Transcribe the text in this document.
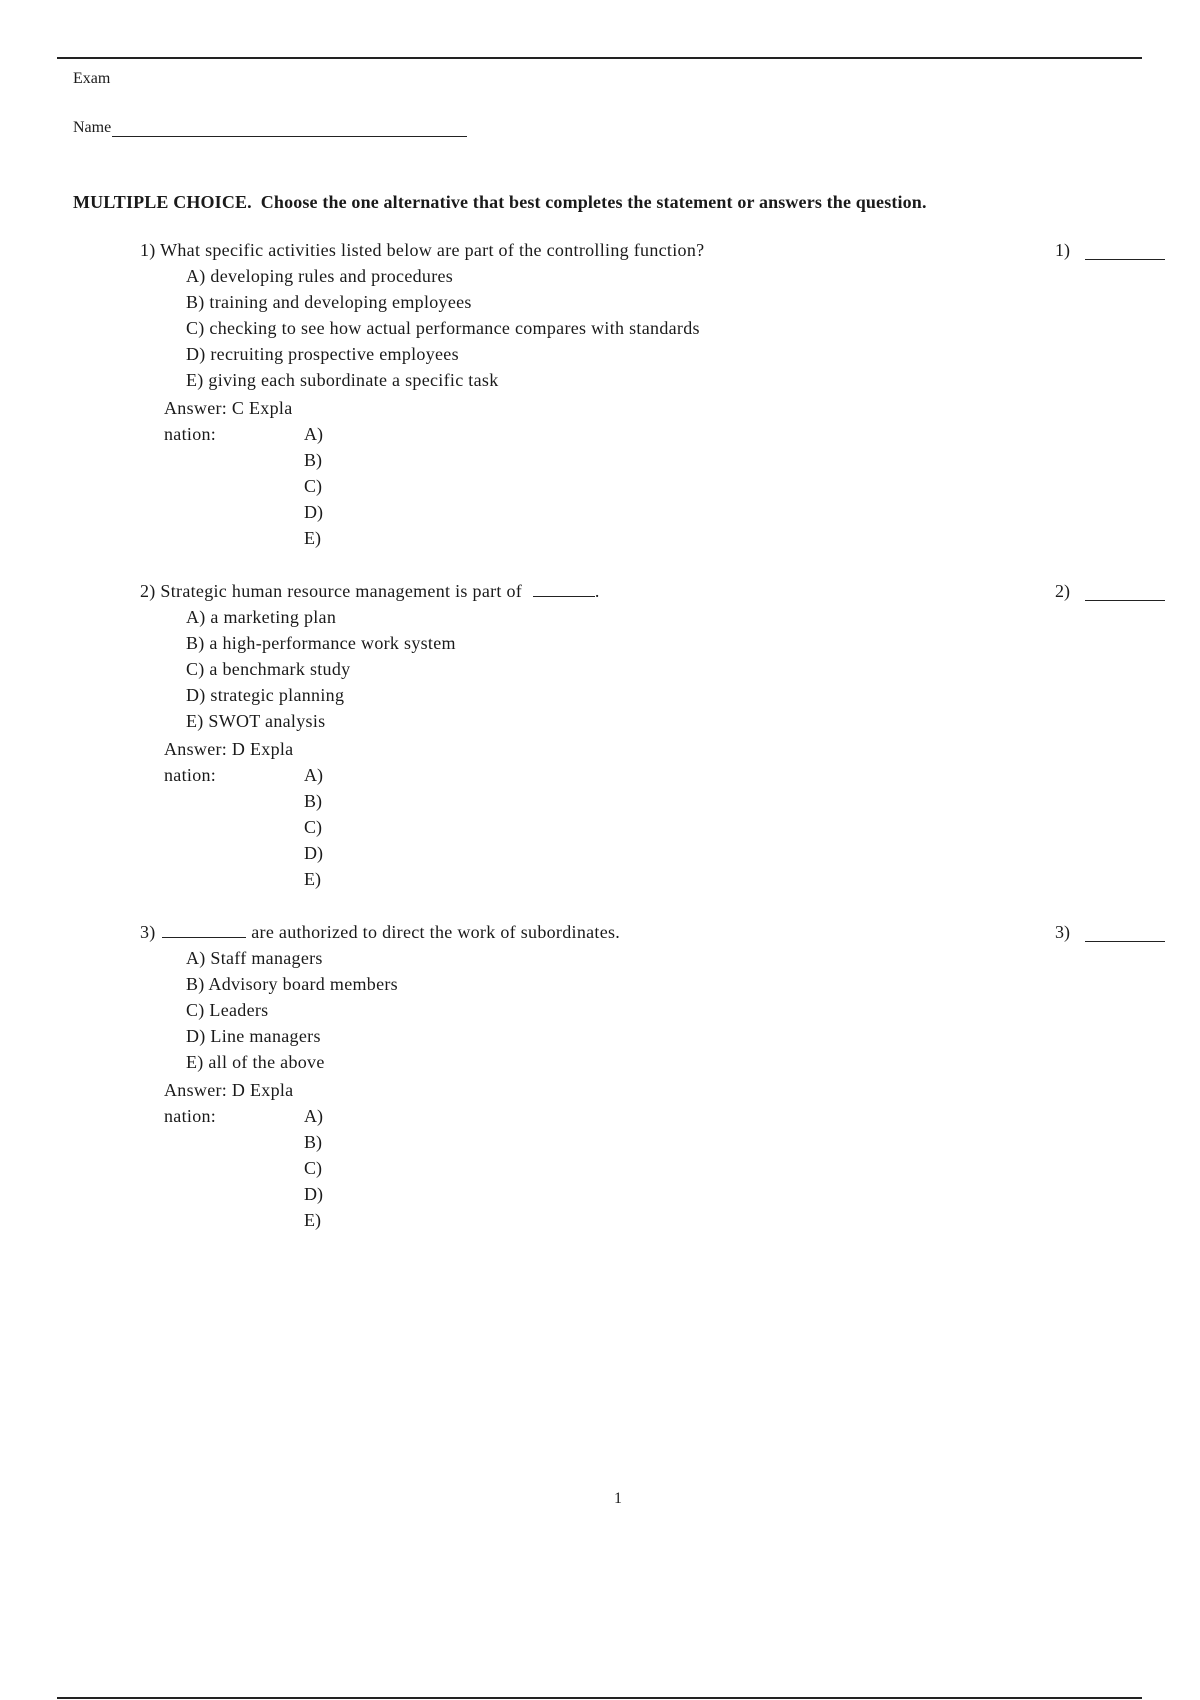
Exam
Name
MULTIPLE CHOICE. Choose the one alternative that best completes the statement or answers the question.
1) What specific activities listed below are part of the controlling function?	1)
A) developing rules and procedures
B) training and developing employees
C) checking to see how actual performance compares with standards
D) recruiting prospective employees
E) giving each subordinate a specific task
Answer: C Expla
nation:	A)
B)
C)
D)
E)
2) Strategic human resource management is part of	.	2)
A) a marketing plan
B) a high-performance work system
C) a benchmark study
D) strategic planning
E) SWOT analysis
Answer: D Expla
nation:	A)
B)
C)
D)
E)
3)	are authorized to direct the work of subordinates.	3)
A) Staff managers
B) Advisory board members
C) Leaders
D) Line managers
E) all of the above
Answer: D Expla
nation:	A)
B)
C)
D)
E)
1
